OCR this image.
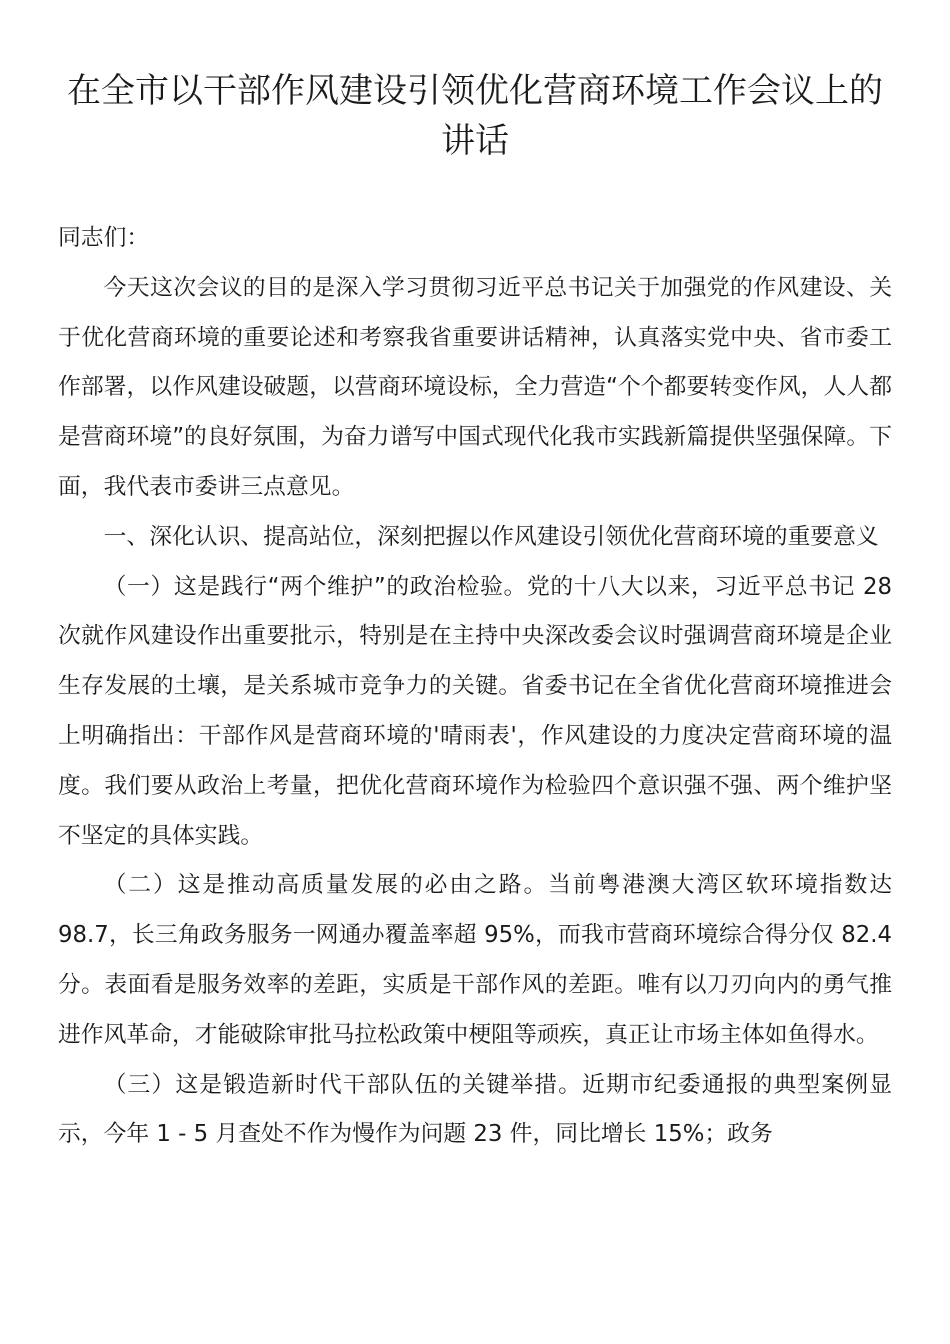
在全市以干部作风建设引领优化营商环境工作会议上的讲话

同志们：

今天这次会议的目的是深入学习贯彻习近平总书记关于加强党的作风建设、关于优化营商环境的重要论述和考察我省重要讲话精神，认真落实党中央、省市委工作部署，以作风建设破题，以营商环境设标，全力营造“个个都要转变作风，人人都是营商环境”的良好氛围，为奋力谱写中国式现代化我市实践新篇提供坚强保障。下面，我代表市委讲三点意见。

一、深化认识、提高站位，深刻把握以作风建设引领优化营商环境的重要意义

（一）这是践行“两个维护”的政治检验。党的十八大以来，习近平总书记 28 次就作风建设作出重要批示，特别是在主持中央深改委会议时强调营商环境是企业生存发展的土壤，是关系城市竞争力的关键。省委书记在全省优化营商环境推进会上明确指出：干部作风是营商环境的'晴雨表'，作风建设的力度决定营商环境的温度。我们要从政治上考量，把优化营商环境作为检验四个意识强不强、两个维护坚不坚定的具体实践。

（二）这是推动高质量发展的必由之路。当前粤港澳大湾区软环境指数达 98.7，长三角政务服务一网通办覆盖率超 95%，而我市营商环境综合得分仅 82.4 分。表面看是服务效率的差距，实质是干部作风的差距。唯有以刀刃向内的勇气推进作风革命，才能破除审批马拉松政策中梗阻等顽疾，真正让市场主体如鱼得水。

（三）这是锻造新时代干部队伍的关键举措。近期市纪委通报的典型案例显示，今年 1 - 5 月查处不作为慢作为问题 23 件，同比增长 15%；政务
